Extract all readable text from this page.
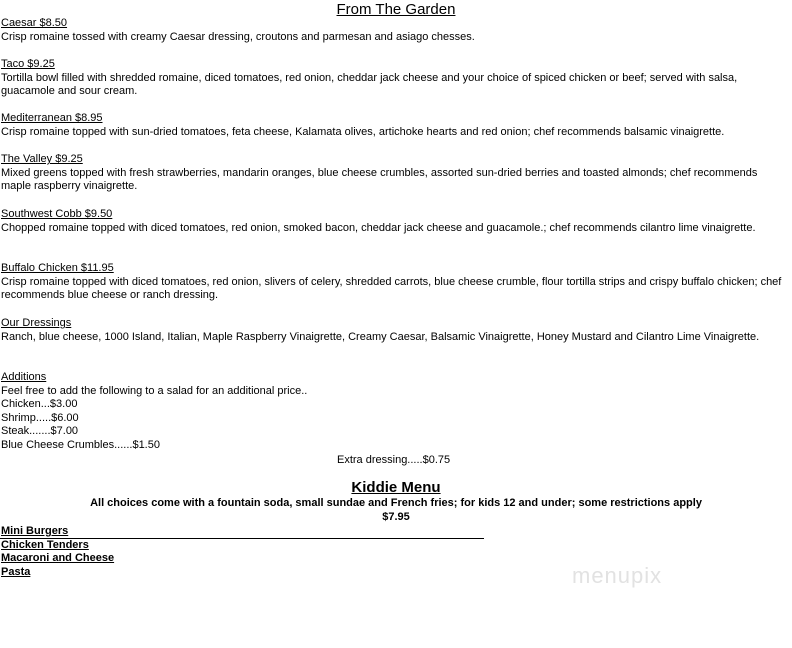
From The Garden
Caesar $8.50
Crisp romaine tossed with creamy Caesar dressing, croutons and parmesan and asiago chesses.
Taco $9.25
Tortilla bowl filled with shredded romaine, diced tomatoes, red onion, cheddar jack cheese and your choice of spiced chicken or beef; served with salsa, guacamole and sour cream.
Mediterranean $8.95
Crisp romaine topped with sun-dried tomatoes, feta cheese, Kalamata olives, artichoke hearts and red onion; chef recommends balsamic vinaigrette.
The Valley $9.25
Mixed greens topped with fresh strawberries, mandarin oranges, blue cheese crumbles, assorted sun-dried berries and toasted almonds; chef recommends maple raspberry vinaigrette.
Southwest Cobb $9.50
Chopped romaine topped with diced tomatoes, red onion, smoked bacon, cheddar jack cheese and guacamole.; chef recommends cilantro lime vinaigrette.
Buffalo Chicken $11.95
Crisp romaine topped with diced tomatoes, red onion, slivers of celery, shredded carrots, blue cheese crumble, flour tortilla strips and crispy buffalo chicken; chef recommends blue cheese or ranch dressing.
Our Dressings
Ranch, blue cheese, 1000 Island, Italian, Maple Raspberry Vinaigrette, Creamy Caesar, Balsamic Vinaigrette, Honey Mustard and Cilantro Lime Vinaigrette.
Additions
Feel free to add the following to a salad for an additional price..
Chicken...$3.00
Shrimp.....$6.00
Steak.......$7.00
Blue Cheese Crumbles......$1.50
Extra dressing.....$0.75
Kiddie Menu
All choices come with a fountain soda, small sundae and French fries; for kids 12 and under; some restrictions apply
$7.95
Mini Burgers
Chicken Tenders
Macaroni and Cheese
Pasta	menupix
